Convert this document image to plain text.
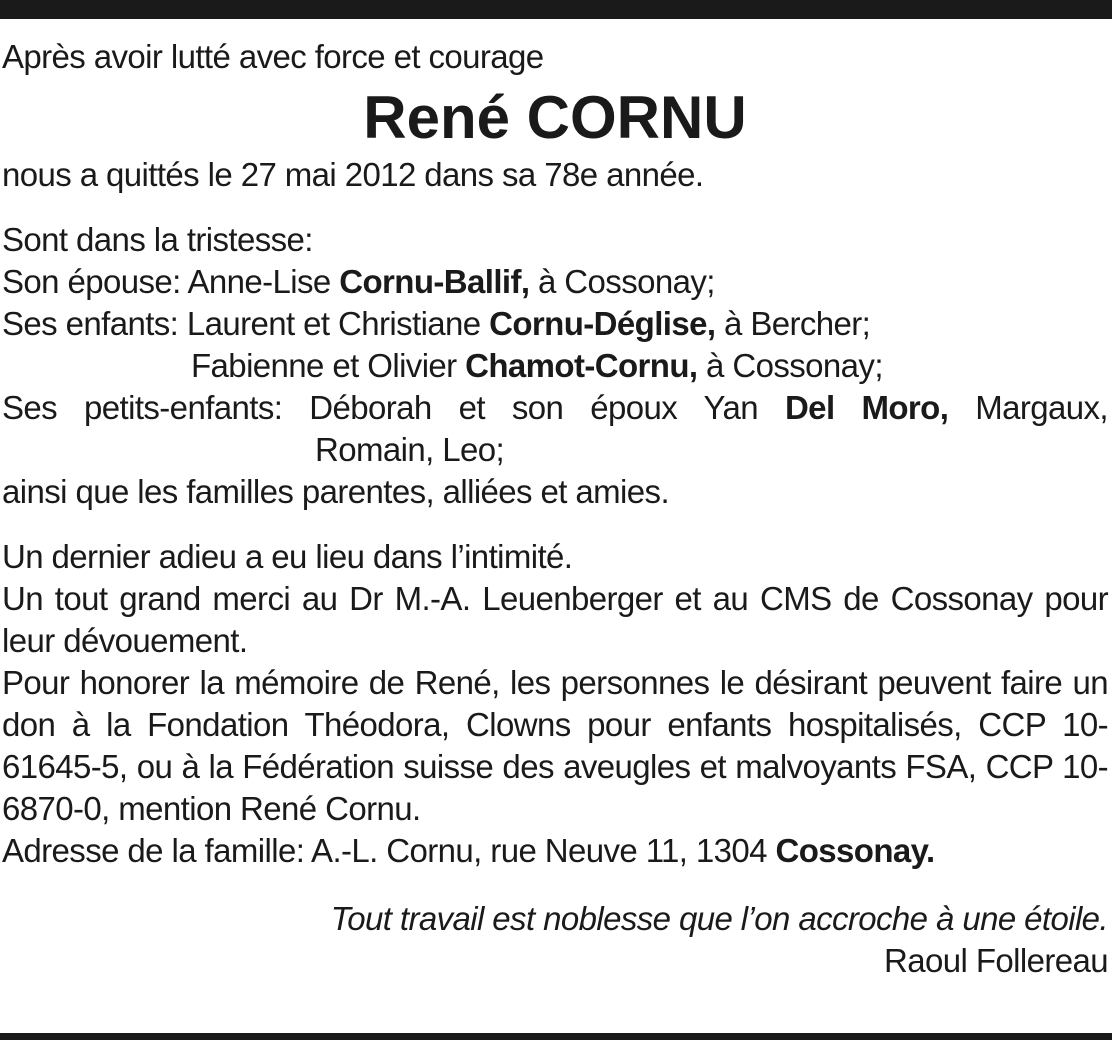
Après avoir lutté avec force et courage

René CORNU

nous a quittés le 27 mai 2012 dans sa 78e année.

Sont dans la tristesse:

Son épouse: Anne-Lise Cornu-Ballif, à Cossonay;

Ses enfants: Laurent et Christiane Cornu-Déglise, à Bercher;

Fabienne et Olivier Chamot-Cornu, à Cossonay;

Ses petits-enfants: Déborah et son époux Yan Del Moro, Margaux,

Romain, Leo;

ainsi que les familles parentes, alliées et amies.

Un dernier adieu a eu lieu dans l’intimité.

Un tout grand merci au Dr M.-A. Leuenberger et au CMS de Cossonay pour leur dévouement.

Pour honorer la mémoire de René, les personnes le désirant peuvent faire un don à la Fondation Théodora, Clowns pour enfants hospitalisés, CCP 10-61645-5, ou à la Fédération suisse des aveugles et malvoyants FSA, CCP 10-6870-0, mention René Cornu.

Adresse de la famille: A.-L. Cornu, rue Neuve 11, 1304 Cossonay.

Tout travail est noblesse que l’on accroche à une étoile.

Raoul Follereau
